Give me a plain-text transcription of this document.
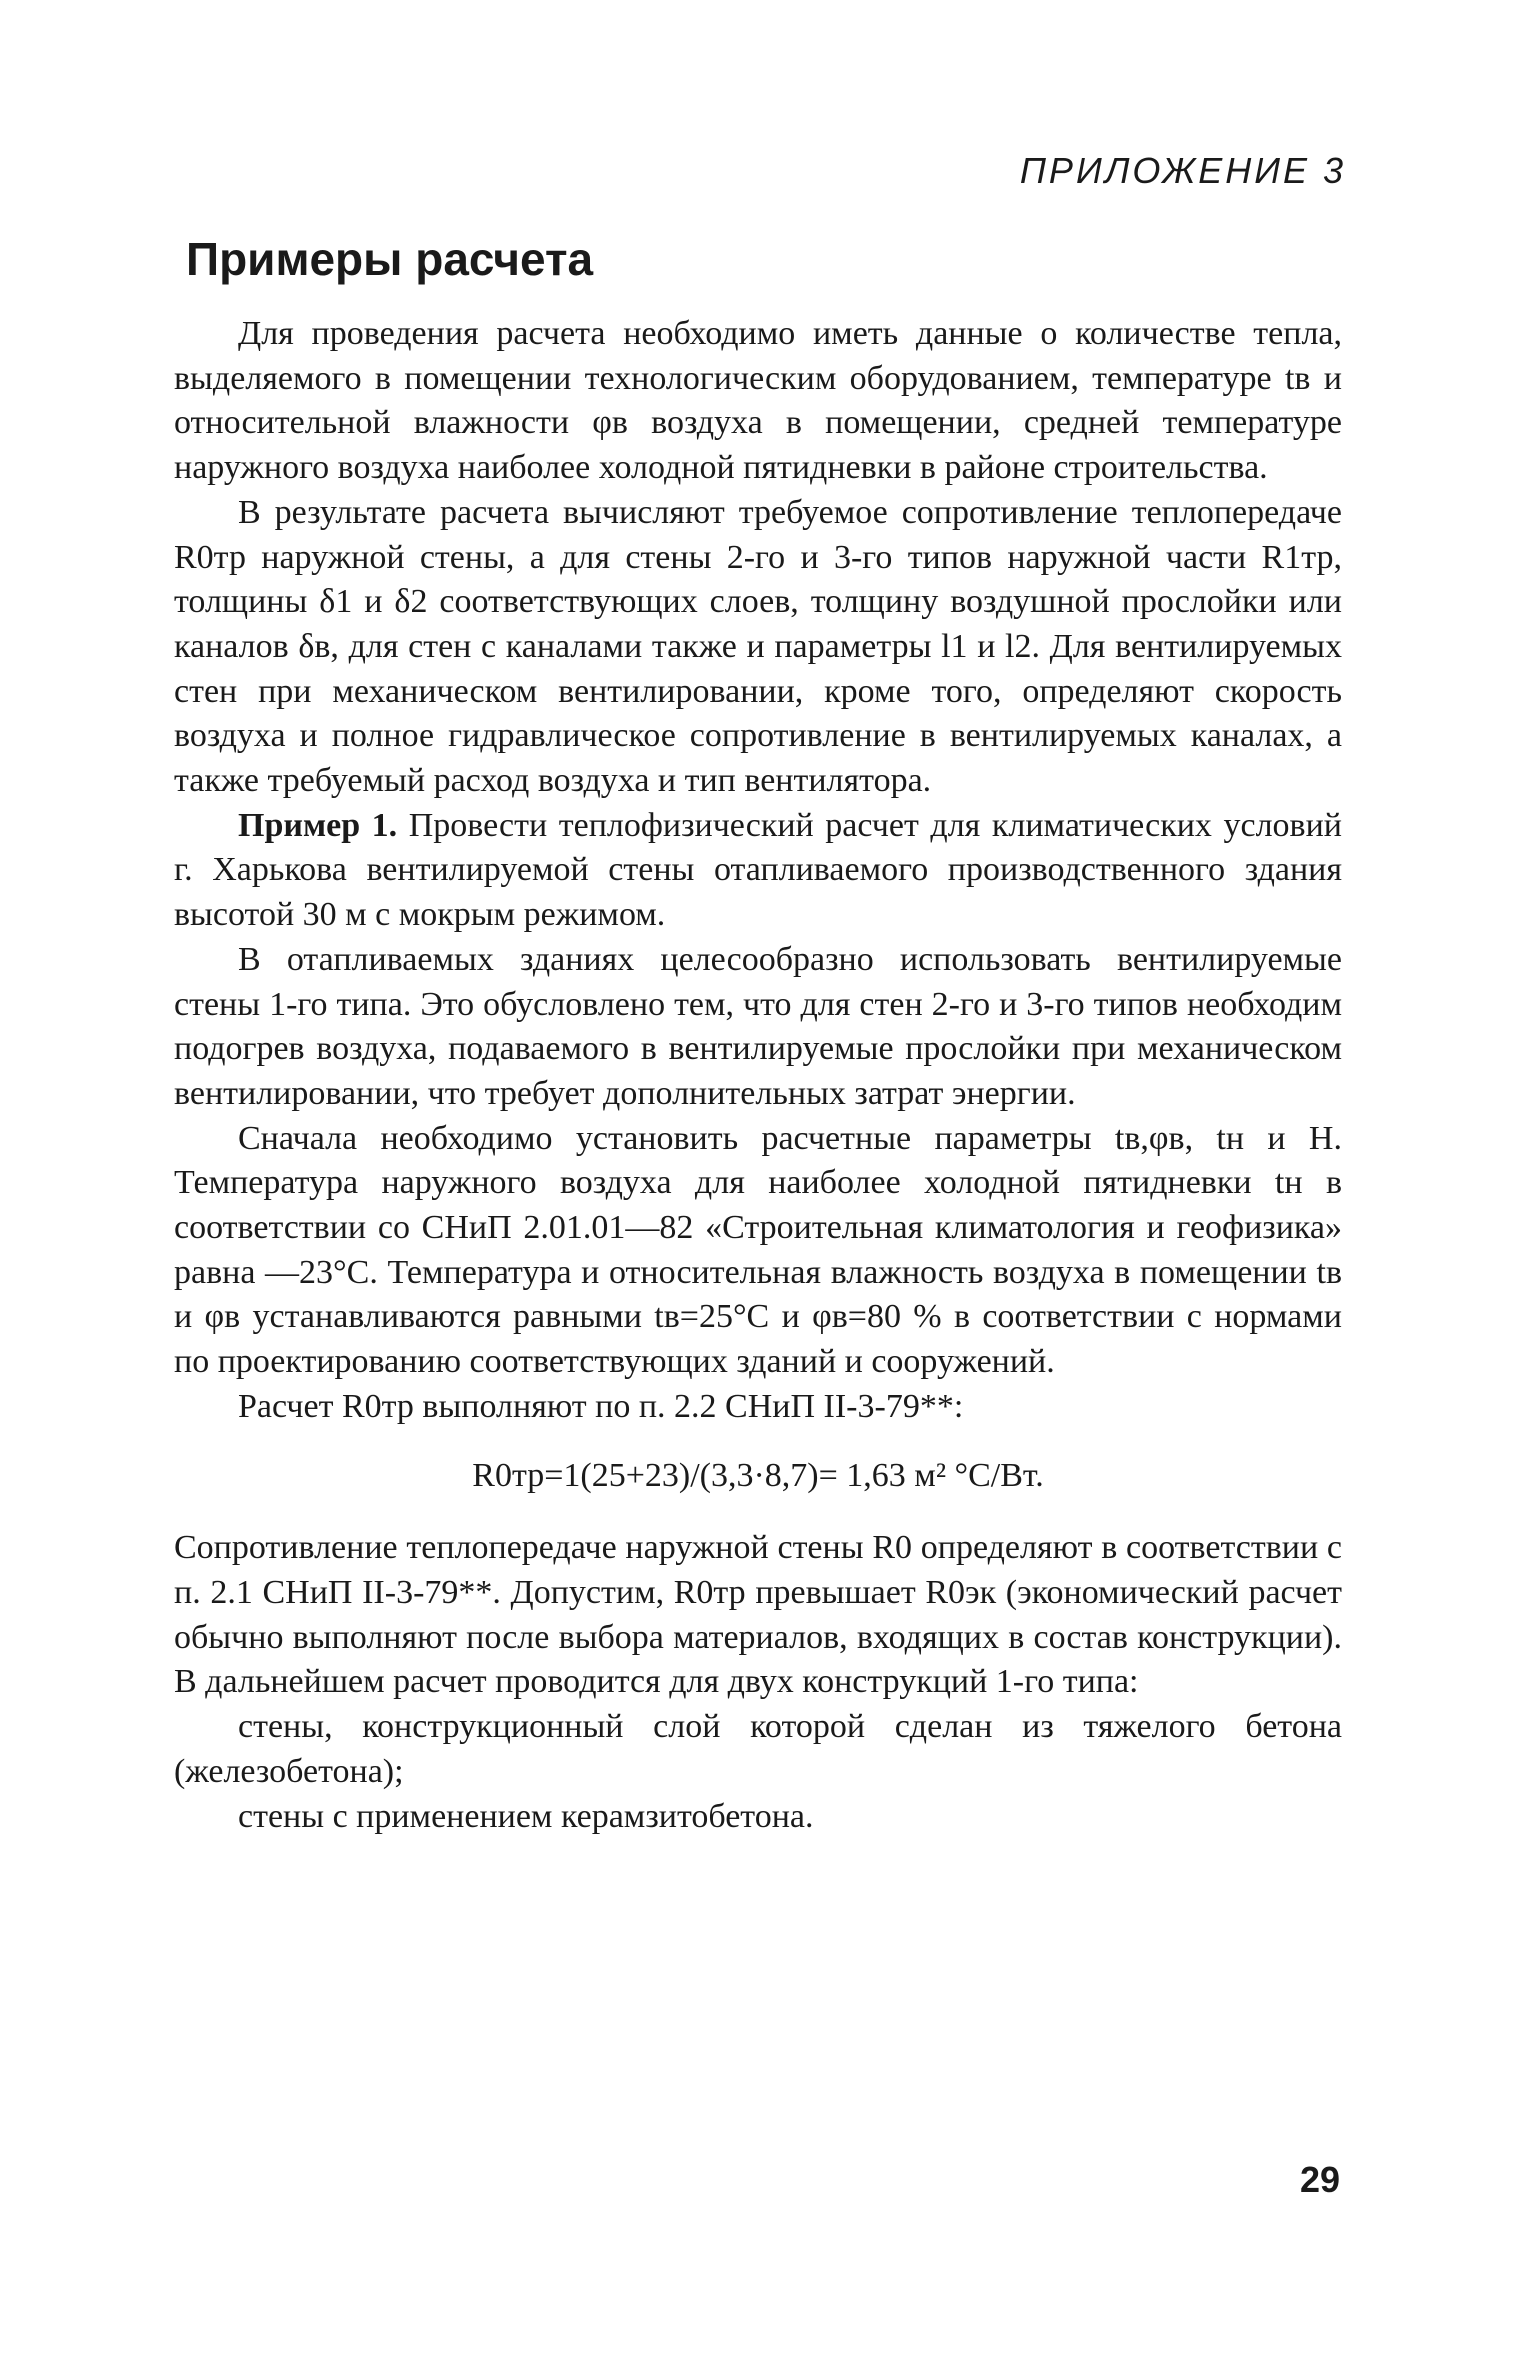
ПРИЛОЖЕНИЕ 3
Примеры расчета

Для проведения расчета необходимо иметь данные о количестве тепла, выделяемого в помещении технологическим оборудованием, температуре tв и относительной влажности φв воздуха в помещении, средней температуре наружного воздуха наиболее холодной пятидневки в районе строительства.

В результате расчета вычисляют требуемое сопротивление теплопередаче R0тр наружной стены, а для стены 2-го и 3-го типов наружной части R1тр, толщины δ1 и δ2 соответствующих слоев, толщину воздушной прослойки или каналов δв, для стен с каналами также и параметры l1 и l2. Для вентилируемых стен при механическом вентилировании, кроме того, определяют скорость воздуха и полное гидравлическое сопротивление в вентилируемых каналах, а также требуемый расход воздуха и тип вентилятора.

Пример 1. Провести теплофизический расчет для климатических условий г. Харькова вентилируемой стены отапливаемого производственного здания высотой 30 м с мокрым режимом.

В отапливаемых зданиях целесообразно использовать вентилируемые стены 1-го типа. Это обусловлено тем, что для стен 2-го и 3-го типов необходим подогрев воздуха, подаваемого в вентилируемые прослойки при механическом вентилировании, что требует дополнительных затрат энергии.

Сначала необходимо установить расчетные параметры tв,φв, tн и H. Температура наружного воздуха для наиболее холодной пятидневки tн в соответствии со СНиП 2.01.01—82 «Строительная климатология и геофизика» равна —23°С. Температура и относительная влажность воздуха в помещении tв и φв устанавливаются равными tв=25°С и φв=80 % в соответствии с нормами по проектированию соответствующих зданий и сооружений.

Расчет R0тр выполняют по п. 2.2 СНиП II-3-79**:

R0тр=1(25+23)/(3,3·8,7)= 1,63 м² °С/Вт.

Сопротивление теплопередаче наружной стены R0 определяют в соответствии с п. 2.1 СНиП II-3-79**. Допустим, R0тр превышает R0эк (экономический расчет обычно выполняют после выбора материалов, входящих в состав конструкции). В дальнейшем расчет проводится для двух конструкций 1-го типа:

стены, конструкционный слой которой сделан из тяжелого бетона (железобетона);

стены с применением керамзитобетона.

29
